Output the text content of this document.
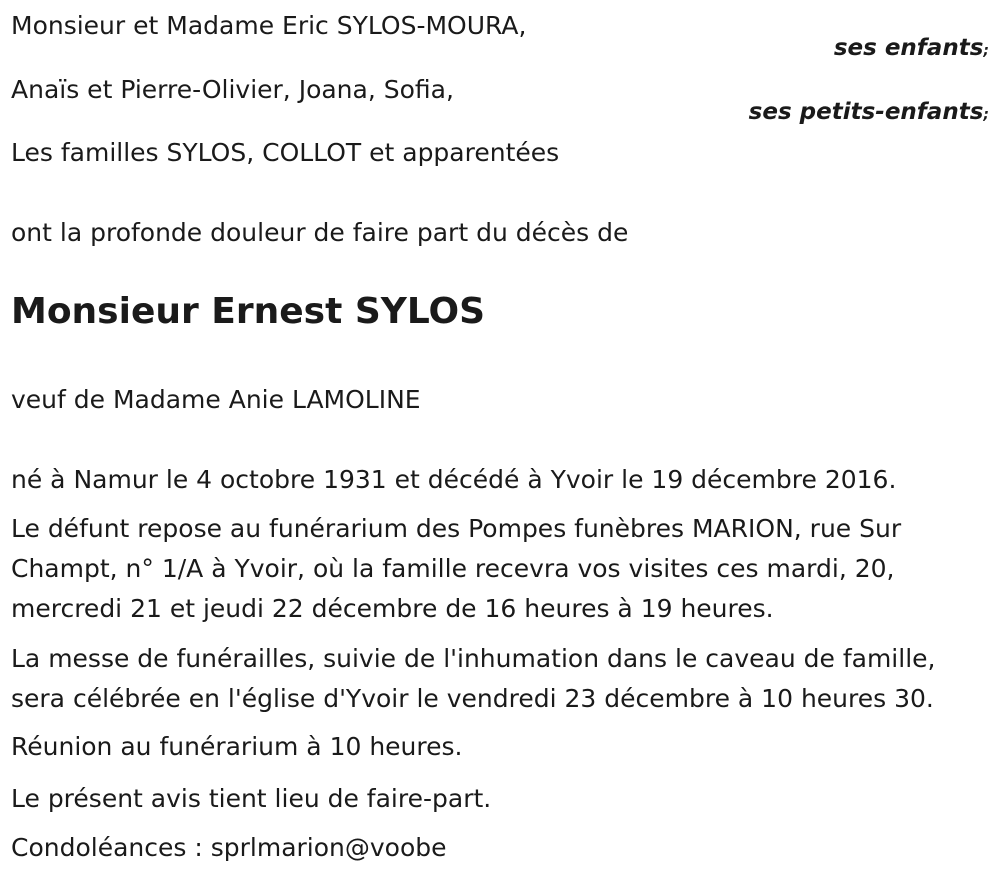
Monsieur et Madame Eric SYLOS-MOURA,
ses enfants;
Anaïs et Pierre-Olivier, Joana, Sofia,
ses petits-enfants;
Les familles SYLOS, COLLOT et apparentées
ont la profonde douleur de faire part du décès de
Monsieur Ernest SYLOS
veuf de Madame Anie LAMOLINE
né à Namur le 4 octobre 1931 et décédé à Yvoir le 19 décembre 2016.
Le défunt repose au funérarium des Pompes funèbres MARION, rue Sur
Champt, n° 1/A à Yvoir, où la famille recevra vos visites ces mardi, 20,
mercredi 21 et jeudi 22 décembre de 16 heures à 19 heures.
La messe de funérailles, suivie de l'inhumation dans le caveau de famille,
sera célébrée en l'église d'Yvoir le vendredi 23 décembre à 10 heures 30.
Réunion au funérarium à 10 heures.
Le présent avis tient lieu de faire-part.
Condoléances : sprlmarion@voobe
